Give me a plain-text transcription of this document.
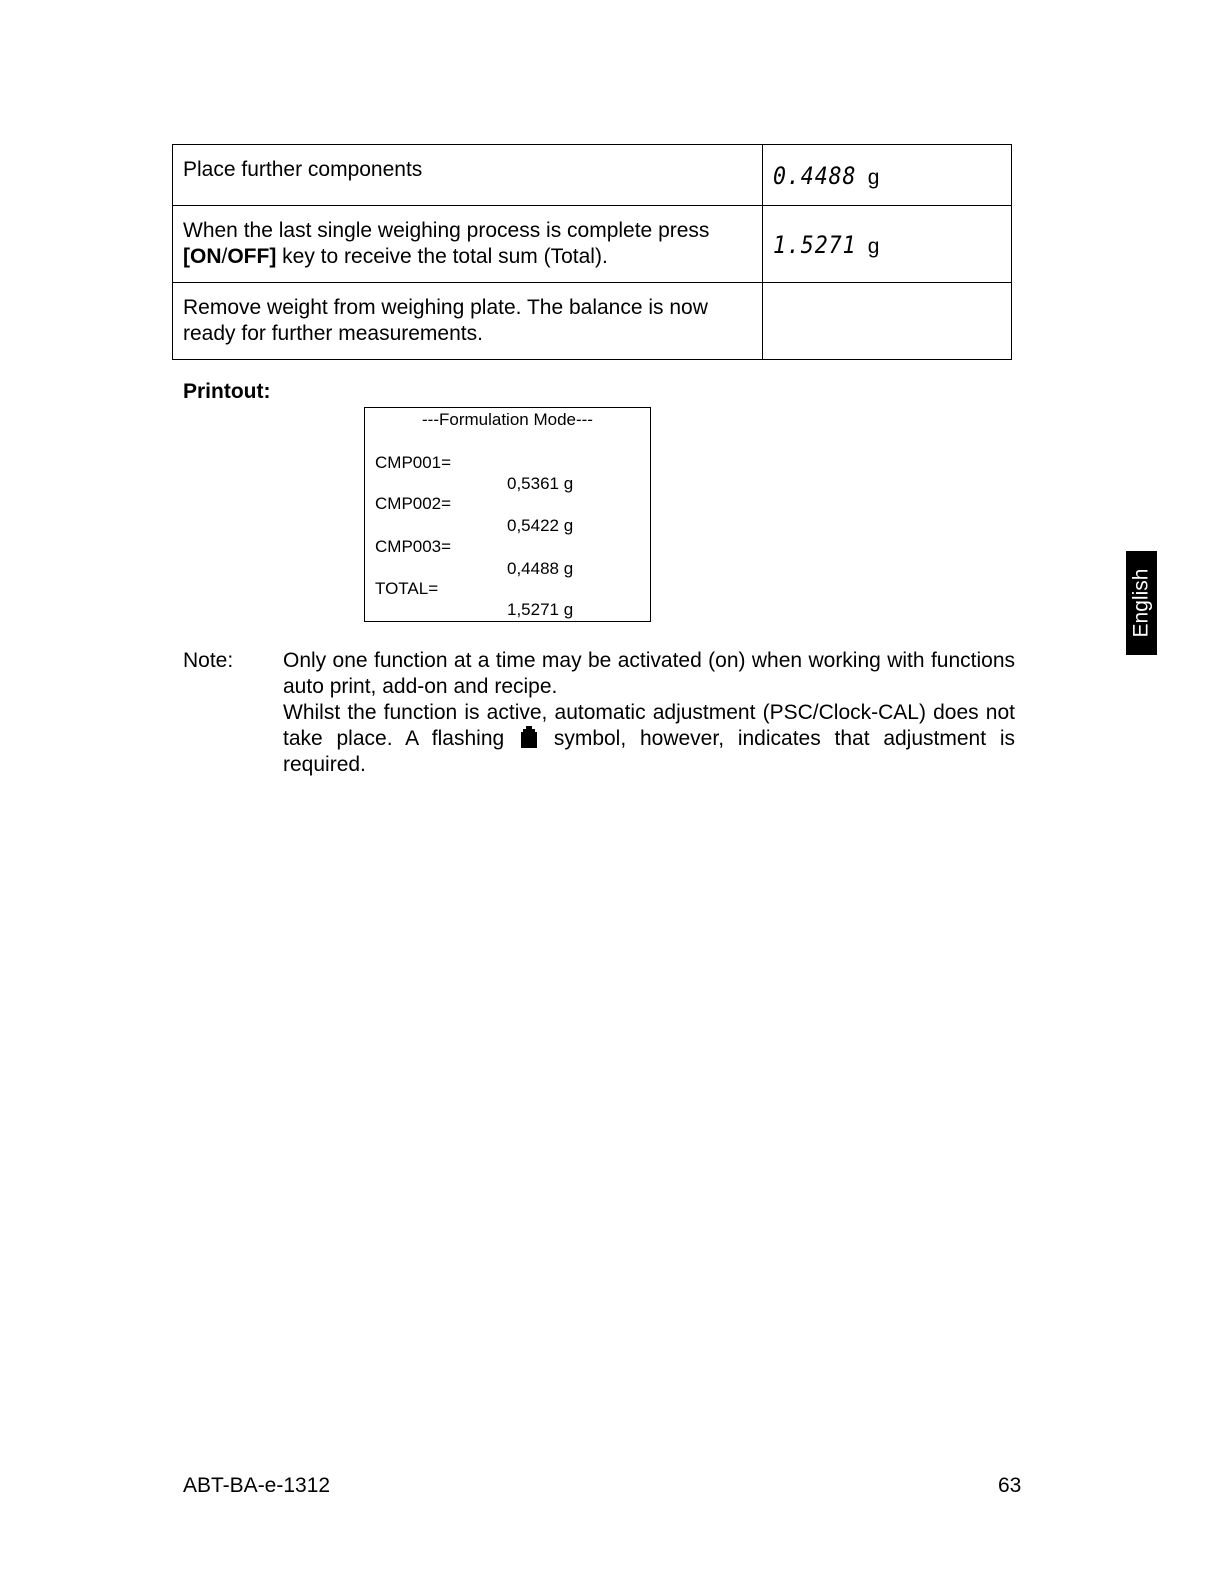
Place further components	0.4488 g
When the last single weighing process is complete press [ON/OFF] key to receive the total sum (Total).	1.5271 g
Remove weight from weighing plate. The balance is now ready for further measurements.	
Printout:
---Formulation Mode---
CMP001=
0,5361 g
CMP002=
0,5422 g
CMP003=
0,4488 g
TOTAL=
1,5271 g
Note: Only one function at a time may be activated (on) when working with functions auto print, add-on and recipe.

Whilst the function is active, automatic adjustment (PSC/Clock-CAL) does not take place. A flashing symbol, however, indicates that adjustment is required.

English
ABT-BA-e-1312	63
